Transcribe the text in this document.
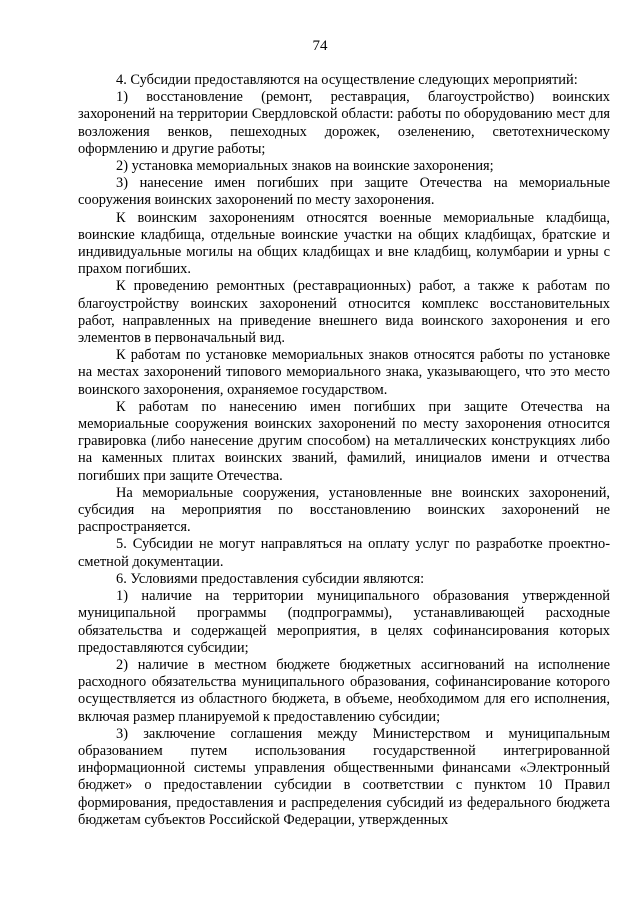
74

4. Субсидии предоставляются на осуществление следующих мероприятий:

1) восстановление (ремонт, реставрация, благоустройство) воинских захоронений на территории Свердловской области: работы по оборудованию мест для возложения венков, пешеходных дорожек, озеленению, светотехническому оформлению и другие работы;

2) установка мемориальных знаков на воинские захоронения;

3) нанесение имен погибших при защите Отечества на мемориальные сооружения воинских захоронений по месту захоронения.

К воинским захоронениям относятся военные мемориальные кладбища, воинские кладбища, отдельные воинские участки на общих кладбищах, братские и индивидуальные могилы на общих кладбищах и вне кладбищ, колумбарии и урны с прахом погибших.

К проведению ремонтных (реставрационных) работ, а также к работам по благоустройству воинских захоронений относится комплекс восстановительных работ, направленных на приведение внешнего вида воинского захоронения и его элементов в первоначальный вид.

К работам по установке мемориальных знаков относятся работы по установке на местах захоронений типового мемориального знака, указывающего, что это место воинского захоронения, охраняемое государством.

К работам по нанесению имен погибших при защите Отечества на мемориальные сооружения воинских захоронений по месту захоронения относится гравировка (либо нанесение другим способом) на металлических конструкциях либо на каменных плитах воинских званий, фамилий, инициалов имени и отчества погибших при защите Отечества.

На мемориальные сооружения, установленные вне воинских захоронений, субсидия на мероприятия по восстановлению воинских захоронений не распространяется.

5. Субсидии не могут направляться на оплату услуг по разработке проектно-сметной документации.

6. Условиями предоставления субсидии являются:

1) наличие на территории муниципального образования утвержденной муниципальной программы (подпрограммы), устанавливающей расходные обязательства и содержащей мероприятия, в целях софинансирования которых предоставляются субсидии;

2) наличие в местном бюджете бюджетных ассигнований на исполнение расходного обязательства муниципального образования, софинансирование которого осуществляется из областного бюджета, в объеме, необходимом для его исполнения, включая размер планируемой к предоставлению субсидии;

3) заключение соглашения между Министерством и муниципальным образованием путем использования государственной интегрированной информационной системы управления общественными финансами «Электронный бюджет» о предоставлении субсидии в соответствии с пунктом 10 Правил формирования, предоставления и распределения субсидий из федерального бюджета бюджетам субъектов Российской Федерации, утвержденных
